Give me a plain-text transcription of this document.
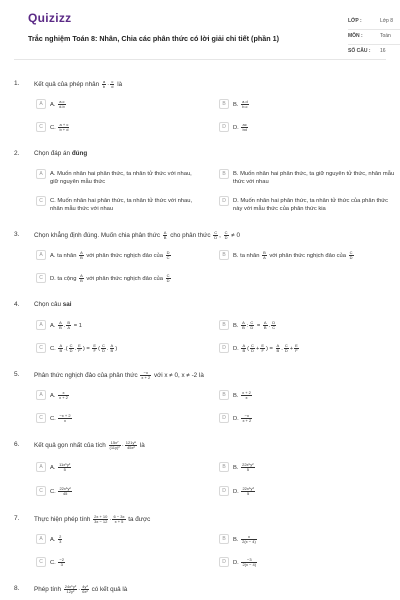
Quizizz
Trắc nghiệm Toán 8: Nhân, Chia các phân thức có lời giải chi tiết (phần 1)
LỚP :	Lớp 8
MÔN :	Toán
SỐ CÂU : 16
1. Kết quả của phép nhân $\frac{a}{b} \cdot \frac{c}{d}$ là
A	A. $\frac{a.c}{d.b}$	B	B. $\frac{a.d}{b.c}$
C	C. $\frac{a + c}{b + d}$	D	D. $\frac{ac}{bd}$
2. Chọn đáp án đúng
A	A. Muốn nhân hai phân thức, ta nhân tử thức với nhau, giữ nguyên mẫu thức
B	B. Muốn nhân hai phân thức, ta giữ nguyên tử thức, nhân mẫu thức với nhau
C	C. Muốn nhân hai phân thức, ta nhân tử thức với nhau, nhân mẫu thức với nhau
D	D. Muốn nhân hai phân thức, ta nhân tử thức của phân thức này với mẫu thức của phân thức kia
3. Chọn khẳng định đúng. Muốn chia phân thức $\frac{A}{B}$ cho phân thức $\frac{C}{D}$ , $\frac{C}{D} \ne 0$
A	A. ta nhân $\frac{A}{B}$ với phân thức nghịch đảo của $\frac{D}{C}$	B	B. ta nhân $\frac{B}{A}$ với phân thức nghịch đảo của $\frac{C}{D}$
C	D. ta cộng $\frac{A}{B}$ với phân thức nghịch đảo của $\frac{C}{D}$
4. Chọn câu sai
A	A. $\frac{A}{B}$ . $\frac{B}{A} = 1$	B	B. $\frac{A}{B}$ : $\frac{C}{D} = \frac{A}{B}$ . $\frac{D}{C}$
C	C. $\frac{A}{B}$ .( $\frac{C}{D}$ . $\frac{E}{F}$ ) = $\frac{E}{F}$ ( $\frac{C}{D}$ . $\frac{A}{B}$ )	D	D. $\frac{A}{B}$ ( $\frac{C}{D} + \frac{E}{F}$ ) = $\frac{A}{B}$ . $\frac{C}{D} + \frac{E}{F}$
5. Phân thức nghịch đảo của phân thức $\frac{-x}{x + 2}$ với x ≠ 0, x ≠ -2 là
A	A. $\frac{x}{x + 2}$	B	B. $\frac{x + 2}{x}$
C	C. $\frac{-x + 2}{x}$	D	D. $\frac{-x}{x + 2}$
6. Kết quả gọn nhất của tích $\frac{\text{15x⁷}}{\text{(11y)²}} \cdot \frac{\text{121y⁵}}{\text{45x²}}$ là
A	A. $\frac{\text{11x⁵y²}}{5}$	B	B. $\frac{\text{22x⁵y²}}{5}$
C	C. $\frac{\text{22x⁵y²}}{45}$	D	D. $\frac{\text{22x⁵y³}}{5}$
7. Thực hiện phép tính $\frac{2x + 10}{3x - 12} \cdot \frac{6 - 3x}{x + 5}$ ta được
A	A. $\frac{2}{3}$	B	B. $\frac{x}{2(x - 4)}$
C	C. $\frac{-2}{3}$	D	D. $\frac{-3}{2(x - 4)}$
8. Phép tính $\frac{\text{24x⁵y²}}{\text{12y²}} \cdot \frac{\text{4y³}}{\text{6x²}}$ có kết quả là
